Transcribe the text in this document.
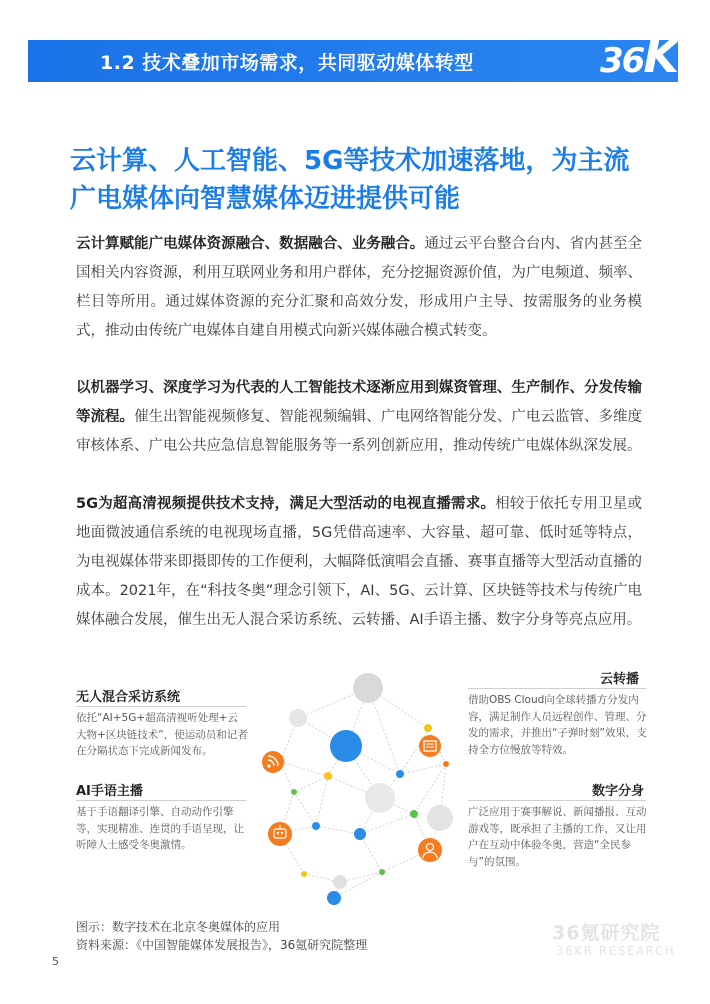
1.2 技术叠加市场需求，共同驱动媒体转型	36Kr
云计算、人工智能、5G等技术加速落地，为主流
广电媒体向智慧媒体迈进提供可能

云计算赋能广电媒体资源融合、数据融合、业务融合。通过云平台整合台内、省内甚至全国相关内容资源，利用互联网业务和用户群体，充分挖掘资源价值，为广电频道、频率、栏目等所用。通过媒体资源的充分汇聚和高效分发，形成用户主导、按需服务的业务模式，推动由传统广电媒体自建自用模式向新兴媒体融合模式转变。

以机器学习、深度学习为代表的人工智能技术逐渐应用到媒资管理、生产制作、分发传输等流程。催生出智能视频修复、智能视频编辑、广电网络智能分发、广电云监管、多维度审核体系、广电公共应急信息智能服务等一系列创新应用，推动传统广电媒体纵深发展。

5G为超高清视频提供技术支持，满足大型活动的电视直播需求。相较于依托专用卫星或地面微波通信系统的电视现场直播，5G凭借高速率、大容量、超可靠、低时延等特点，为电视媒体带来即摄即传的工作便利，大幅降低演唱会直播、赛事直播等大型活动直播的成本。2021年，在“科技冬奥”理念引领下，AI、5G、云计算、区块链等技术与传统广电媒体融合发展，催生出无人混合采访系统、云转播、AI手语主播、数字分身等亮点应用。

无人混合采访系统
依托“AI+5G+超高清视听处理+云大物+区块链技术”，使运动员和记者在分隔状态下完成新闻发布。
AI手语主播
基于手语翻译引擎、自动动作引擎等，实现精准、连贯的手语呈现，让听障人士感受冬奥激情。
云转播
借助OBS Cloud向全球转播方分发内容，满足制作人员远程创作、管理、分发的需求，并推出“子弹时刻”效果，支持全方位慢放等特效。
数字分身
广泛应用于赛事解说、新闻播报、互动游戏等，既承担了主播的工作，又让用户在互动中体验冬奥，营造“全民参与”的氛围。
图示：数字技术在北京冬奥媒体的应用
资料来源：《中国智能媒体发展报告》，36氪研究院整理
36氪研究院
36KR RESEARCH
5
